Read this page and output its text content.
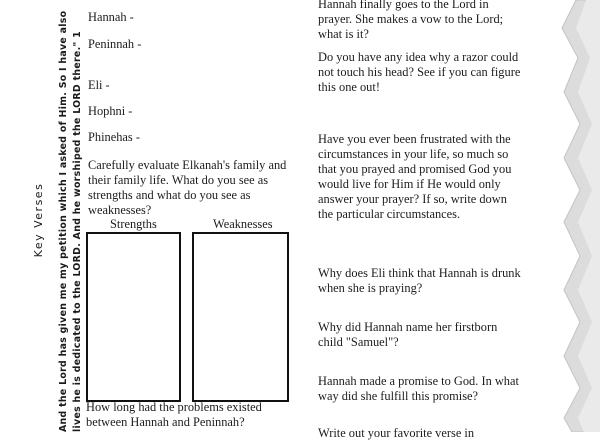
Key Verses	And the Lord has given me my petition which I asked of Him. So I have also lives he is dedicated to the LORD. And he worshiped the LORD there." 1
Hannah -
Peninnah -
Eli -
Hophni -
Phinehas -
Carefully evaluate Elkanah's family and their family life. What do you see as strengths and what do you see as weaknesses?
Strengths	Weaknesses
How long had the problems existed between Hannah and Peninnah?
Hannah finally goes to the Lord in prayer. She makes a vow to the Lord; what is it?
Do you have any idea why a razor could not touch his head? See if you can figure this one out!
Have you ever been frustrated with the circumstances in your life, so much so that you prayed and promised God you would live for Him if He would only answer your prayer? If so, write down the particular circumstances.
Why does Eli think that Hannah is drunk when she is praying?
Why did Hannah name her firstborn child "Samuel"?
Hannah made a promise to God. In what way did she fulfill this promise?
Write out your favorite verse in
